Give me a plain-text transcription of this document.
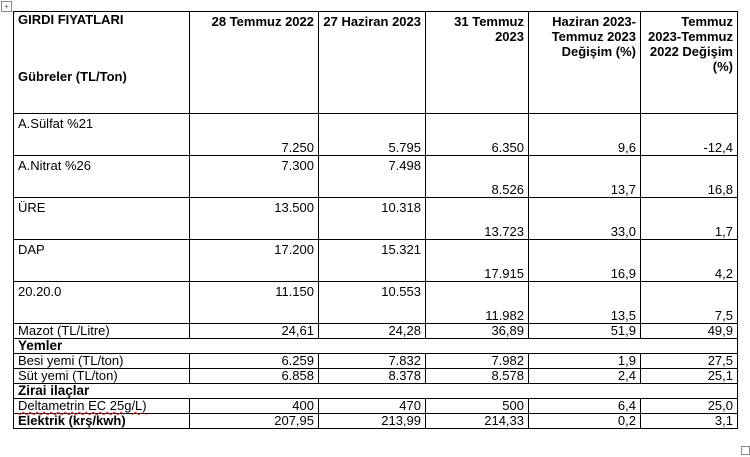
+
GIRDI FIYATLARI
Gübreler (TL/Ton)	28 Temmuz 2022	27 Haziran 2023	31 Temmuz 2023	Haziran 2023-Temmuz 2023 Değişim (%)	Temmuz 2023-Temmuz 2022 Değişim (%)
A.Sülfat %21	7.250	5.795	6.350	9,6	-12,4
A.Nitrat %26	7.300	7.498	8.526	13,7	16,8
ÜRE	13.500	10.318	13.723	33,0	1,7
DAP	17.200	15.321	17.915	16,9	4,2
20.20.0	11.150	10.553	11.982	13,5	7,5
Mazot (TL/Litre)	24,61	24,28	36,89	51,9	49,9
Yemler					
Besi yemi (TL/ton)	6.259	7.832	7.982	1,9	27,5
Süt yemi (TL/ton)	6.858	8.378	8.578	2,4	25,1
Zirai ilaçlar					
Deltametrin EC 25g/L)	400	470	500	6,4	25,0
Elektrik (krş/kwh)	207,95	213,99	214,33	0,2	3,1
